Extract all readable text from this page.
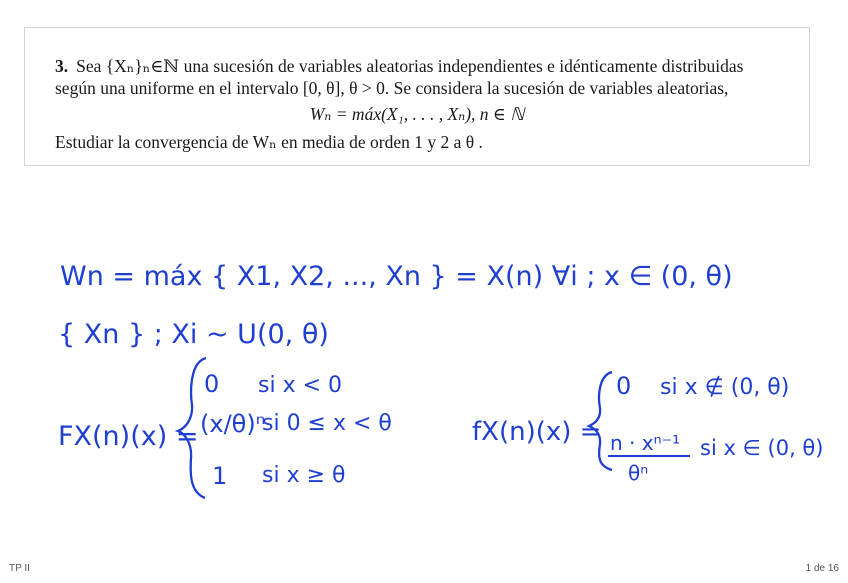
3. Sea {Xₙ}ₙ∈ℕ una sucesión de variables aleatorias independientes e idénticamente distribuidas
según una uniforme en el intervalo [0, θ], θ > 0. Se considera la sucesión de variables aleatorias,
Wₙ = máx(X₁, . . . , Xₙ), n ∈ ℕ
Estudiar la convergencia de Wₙ en media de orden 1 y 2 a θ .
Wn = máx { X1, X2, ..., Xn } = X(n) ∀i ; x ∈ (0, θ)
{ Xn } ; Xi ~ U(0, θ)
FX(n)(x) =
0 si x < 0
(x/θ)ⁿ
si 0 ≤ x < θ
1 si x ≥ θ
fX(n)(x) =
0 si x ∉ (0, θ)
n · xⁿ⁻¹
θⁿ
si x ∈ (0, θ)
TP II	1 de 16
